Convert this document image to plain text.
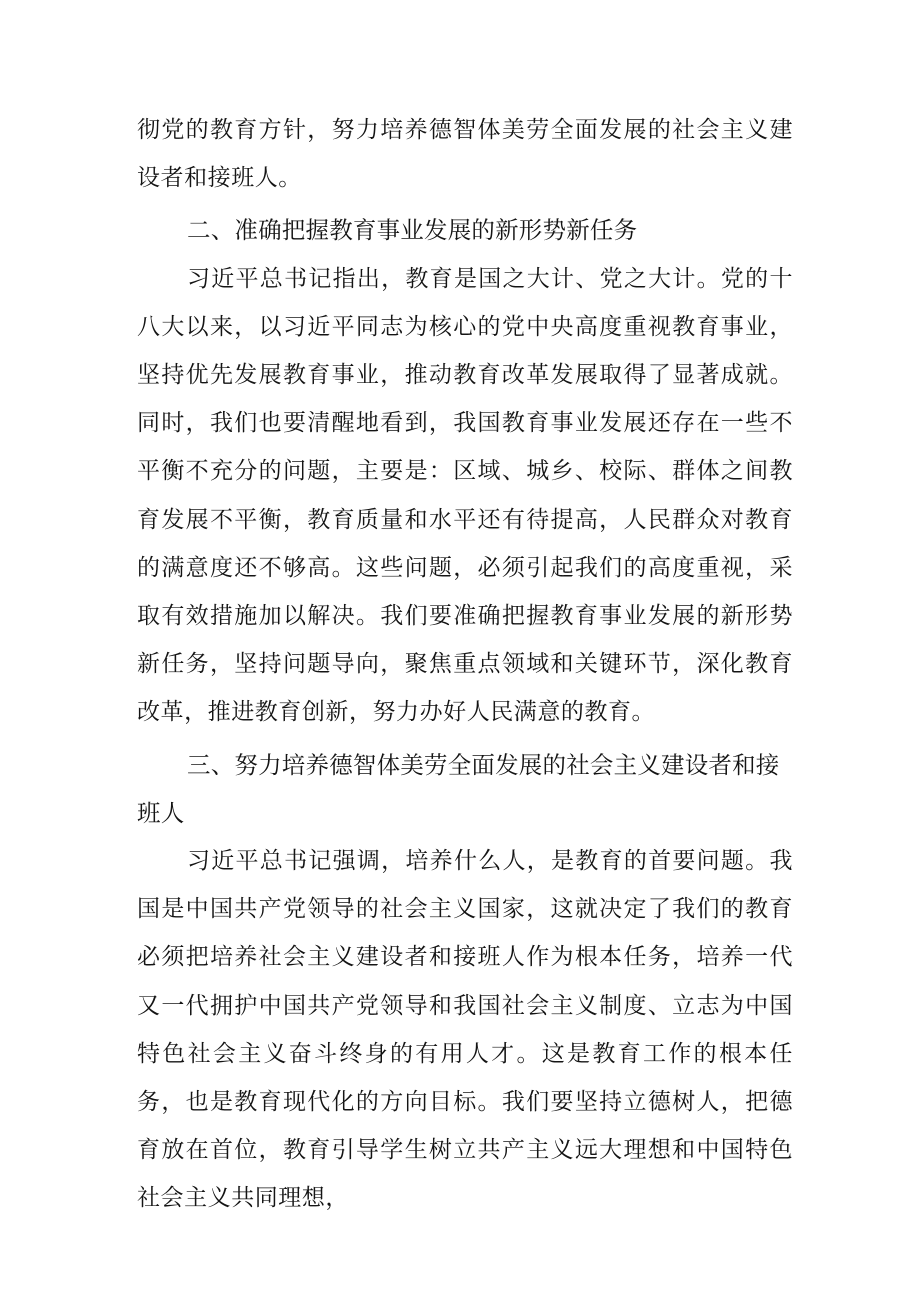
彻党的教育方针，努力培养德智体美劳全面发展的社会主义建设者和接班人。

二、准确把握教育事业发展的新形势新任务

习近平总书记指出，教育是国之大计、党之大计。党的十八大以来，以习近平同志为核心的党中央高度重视教育事业，坚持优先发展教育事业，推动教育改革发展取得了显著成就。同时，我们也要清醒地看到，我国教育事业发展还存在一些不平衡不充分的问题，主要是：区域、城乡、校际、群体之间教育发展不平衡，教育质量和水平还有待提高，人民群众对教育的满意度还不够高。这些问题，必须引起我们的高度重视，采取有效措施加以解决。我们要准确把握教育事业发展的新形势新任务，坚持问题导向，聚焦重点领域和关键环节，深化教育改革，推进教育创新，努力办好人民满意的教育。

三、努力培养德智体美劳全面发展的社会主义建设者和接班人

习近平总书记强调，培养什么人，是教育的首要问题。我国是中国共产党领导的社会主义国家，这就决定了我们的教育必须把培养社会主义建设者和接班人作为根本任务，培养一代又一代拥护中国共产党领导和我国社会主义制度、立志为中国特色社会主义奋斗终身的有用人才。这是教育工作的根本任务，也是教育现代化的方向目标。我们要坚持立德树人，把德育放在首位，教育引导学生树立共产主义远大理想和中国特色社会主义共同理想，
